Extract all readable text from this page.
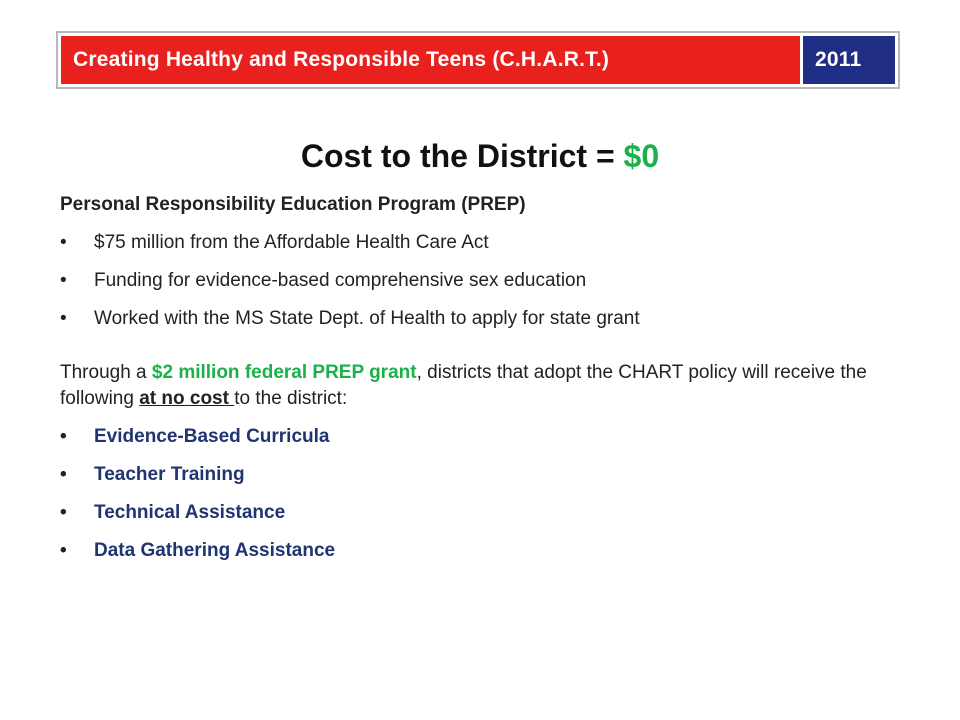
Creating Healthy and Responsible Teens (C.H.A.R.T.)	2011
Cost to the District = $0
Personal Responsibility Education Program (PREP)
• $75 million from the Affordable Health Care Act
• Funding for evidence-based comprehensive sex education
• Worked with the MS State Dept. of Health to apply for state grant
Through a $2 million federal PREP grant, districts that adopt the CHART policy will receive the following at no cost to the district:
• Evidence-Based Curricula
• Teacher Training
• Technical Assistance
• Data Gathering Assistance
